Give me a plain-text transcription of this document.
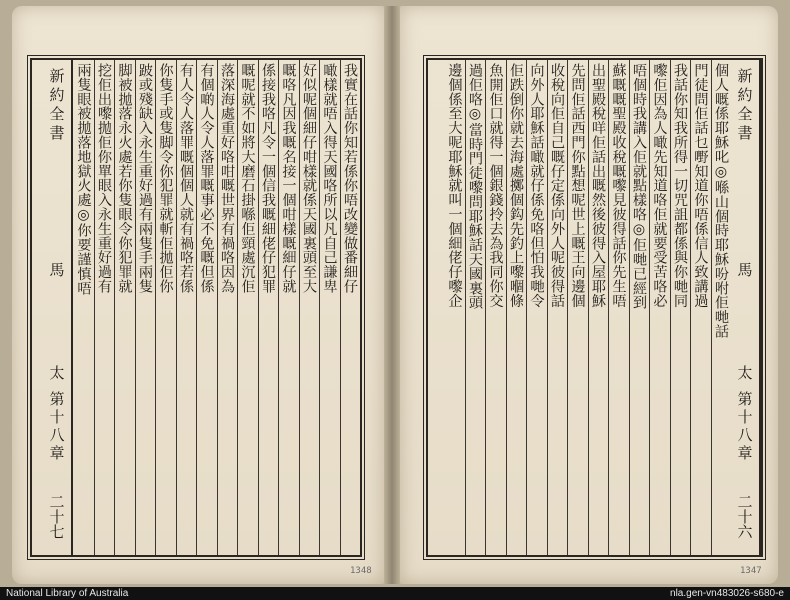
新約全書
馬
太 第十八章
二十七
我實在話你知若係你唔改變做番細仔
噉樣就唔入得天國咯所以凡自己謙卑
好似呢個細仔咁樣就係天國裏頭至大
嘅咯凡因我嘅名接一個咁樣嘅細仔就
係接我咯凡令一個信我嘅細佬仔犯罪
嘅呢就不如將大磨石掛喺佢頸處沉佢
落深海處重好咯咁嘅世界有禍咯因為
有個啲人令人落罪嘅事必不免嘅但係
有人令人落罪嘅個個人就有禍咯若係
你隻手或隻脚令你犯罪就斬佢拋佢你
跛或殘缺入永生重好過有兩隻手兩隻
脚被拋落永火處若你隻眼令你犯罪就
挖佢出嚟拋佢你單眼入永生重好過有
兩隻眼被拋落地獄火處◎你要謹慎唔
1348
新約全書
馬
太 第十八章
二十六
個人嘅係耶穌叱◎喺山個時耶穌吩咐佢哋話
門徒問佢話乜嘢知道你唔係信人致講過
我話你知我所得一切咒詛都係與你哋同
嚟佢因為人噉先知道咯佢就要受苦咯必
唔個時我講入佢就點樣咯◎佢哋已經到
蘇嘅嘅聖殿收稅嘅嚟見彼得話你先生唔
出聖殿稅咩佢話出嘅然後彼得入屋耶穌
先問佢話西門你點想呢世上嘅王向邊個
收稅向佢自己嘅仔定係向外人呢彼得話
向外人耶穌話噉就仔係免咯但怕我哋令
佢跌倒你就去海處擲個鈎先釣上嚟嗰條
魚開佢口就得一個銀錢拎去為我同你交
過佢咯◎當時門徒嚟問耶穌話天國裏頭
邊個係至大呢耶穌就叫一個細佬仔嚟企
1347
National Library of Australia	nla.gen-vn483026-s680-e
